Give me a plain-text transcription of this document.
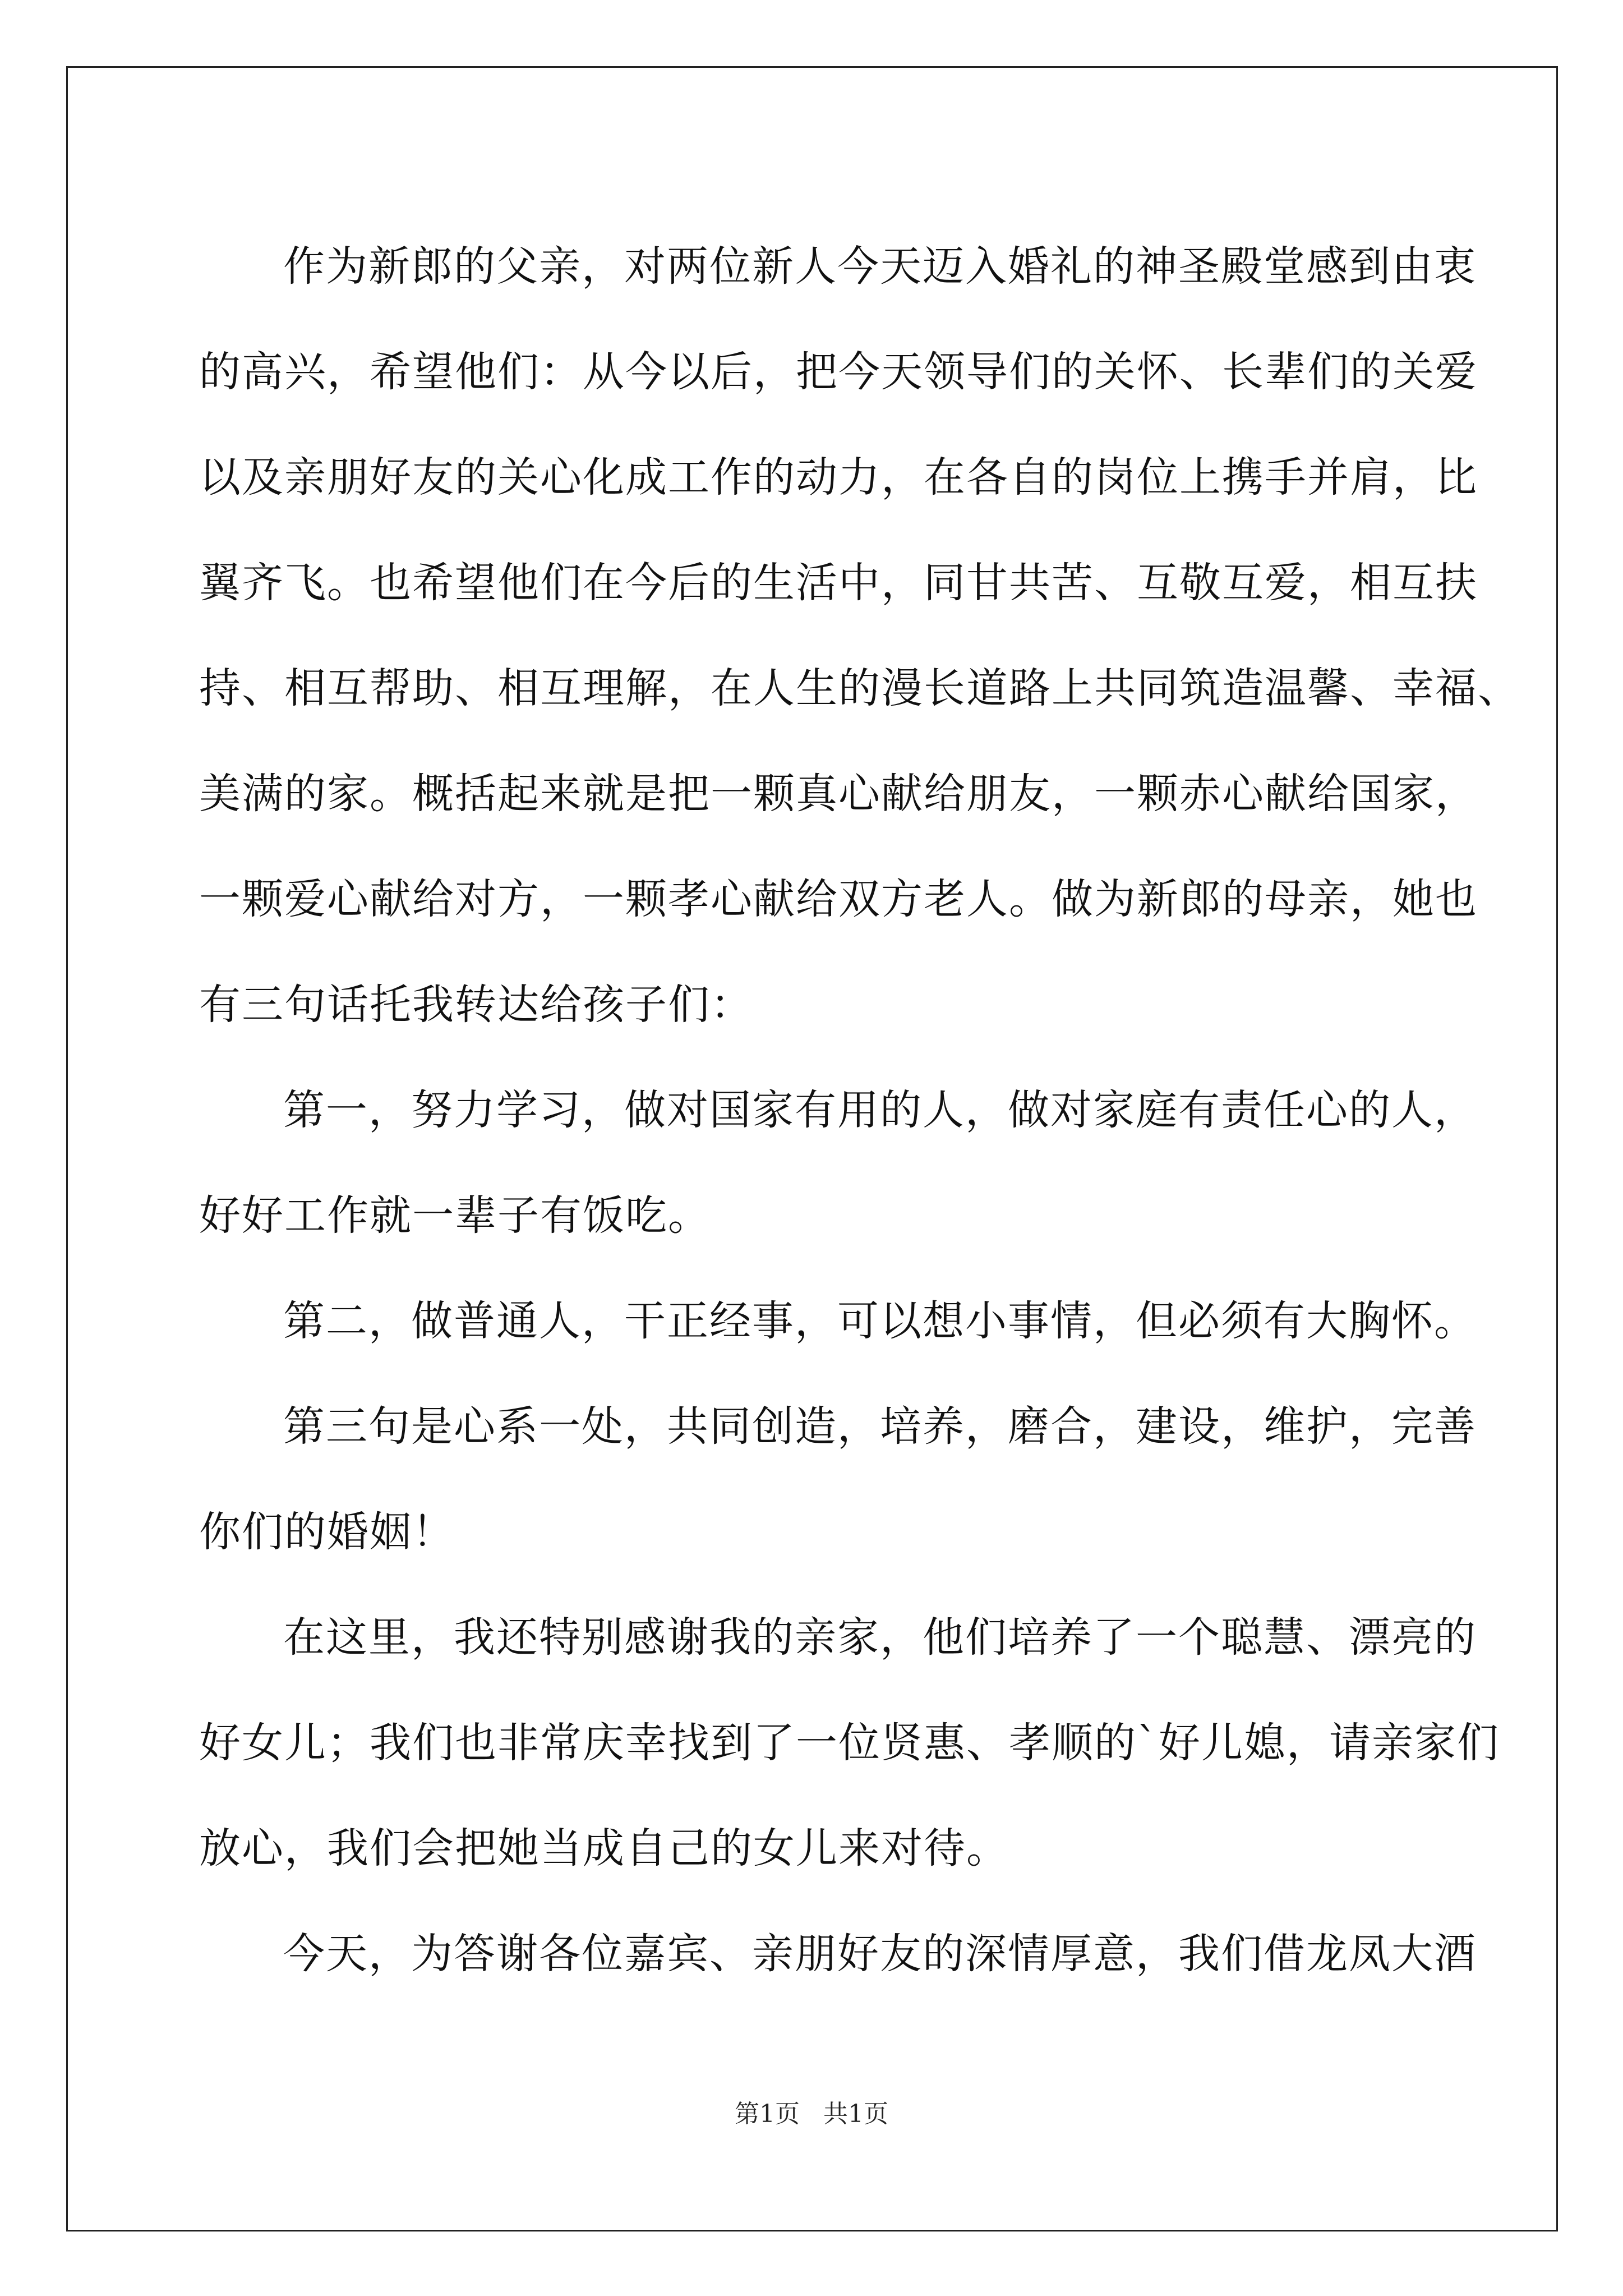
作为新郎的父亲，对两位新人今天迈入婚礼的神圣殿堂感到由衷
的高兴，希望他们：从今以后，把今天领导们的关怀、长辈们的关爱
以及亲朋好友的关心化成工作的动力，在各自的岗位上携手并肩，比
翼齐飞。也希望他们在今后的生活中，同甘共苦、互敬互爱，相互扶
持、相互帮助、相互理解，在人生的漫长道路上共同筑造温馨、幸福、
美满的家。概括起来就是把一颗真心献给朋友，一颗赤心献给国家，
一颗爱心献给对方，一颗孝心献给双方老人。做为新郎的母亲，她也
有三句话托我转达给孩子们：
第一，努力学习，做对国家有用的人，做对家庭有责任心的人，
好好工作就一辈子有饭吃。
第二，做普通人，干正经事，可以想小事情，但必须有大胸怀。
第三句是心系一处，共同创造，培养，磨合，建设，维护，完善
你们的婚姻！
在这里，我还特别感谢我的亲家，他们培养了一个聪慧、漂亮的
好女儿；我们也非常庆幸找到了一位贤惠、孝顺的`好儿媳，请亲家们
放心，我们会把她当成自己的女儿来对待。
今天，为答谢各位嘉宾、亲朋好友的深情厚意，我们借龙凤大酒
第1页 共1页
